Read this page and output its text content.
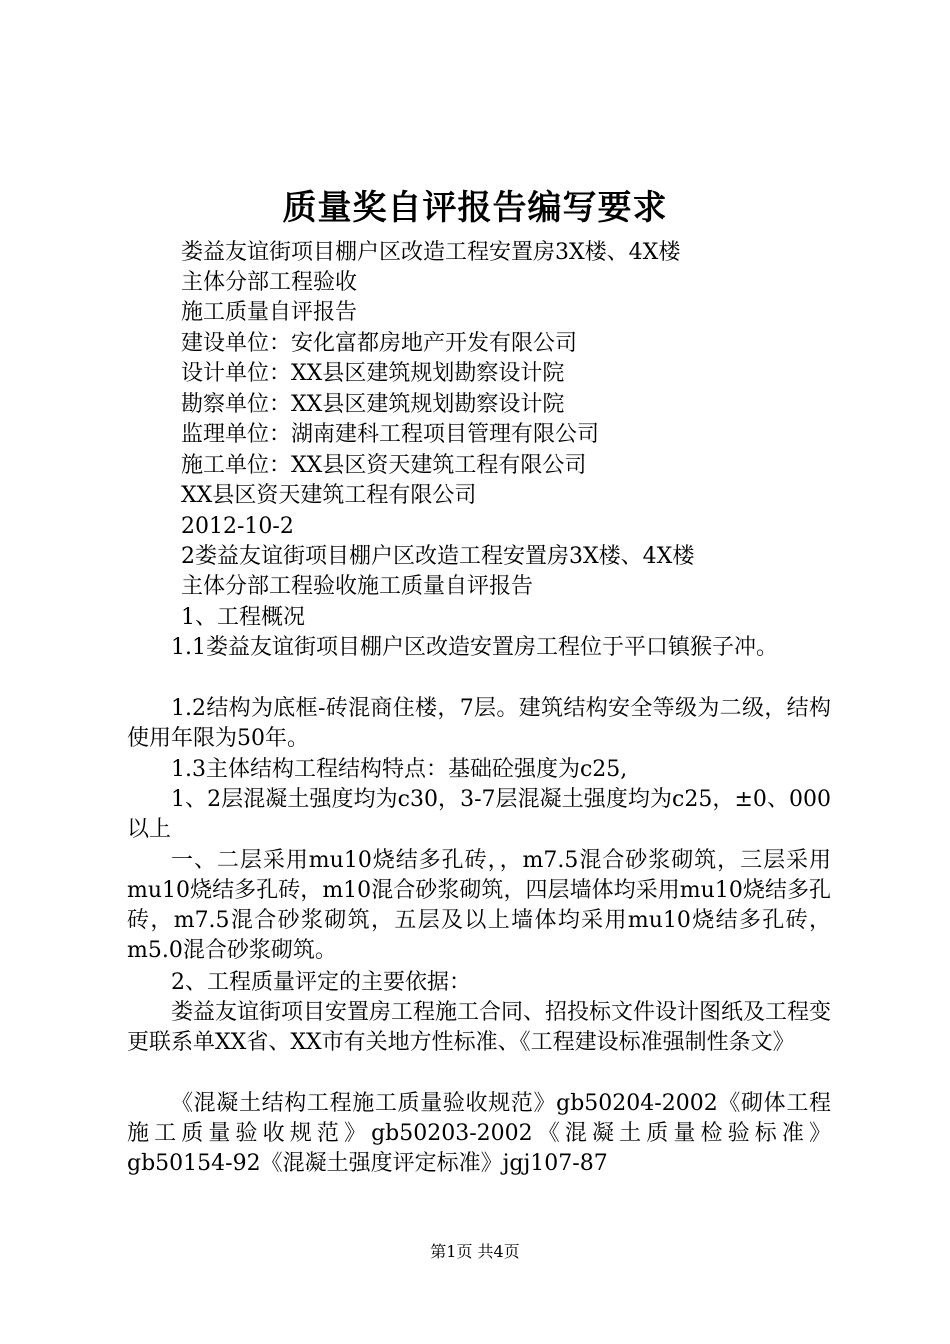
质量奖自评报告编写要求
娄益友谊街项目棚户区改造工程安置房3X楼、4X楼
主体分部工程验收
施工质量自评报告
建设单位：安化富都房地产开发有限公司
设计单位：XX县区建筑规划勘察设计院
勘察单位：XX县区建筑规划勘察设计院
监理单位：湖南建科工程项目管理有限公司
施工单位：XX县区资天建筑工程有限公司
XX县区资天建筑工程有限公司
2012-10-2
2娄益友谊街项目棚户区改造工程安置房3X楼、4X楼
主体分部工程验收施工质量自评报告
1、工程概况
1.1娄益友谊街项目棚户区改造安置房工程位于平口镇猴子冲。
1.2结构为底框-砖混商住楼，7层。建筑结构安全等级为二级，结构使用年限为50年。
1.3主体结构工程结构特点：基础砼强度为c25,
1、2层混凝土强度均为c30，3-7层混凝土强度均为c25，±0、000以上
一、二层采用mu10烧结多孔砖，，m7.5混合砂浆砌筑，三层采用mu10烧结多孔砖，m10混合砂浆砌筑，四层墙体均采用mu10烧结多孔砖，m7.5混合砂浆砌筑，五层及以上墙体均采用mu10烧结多孔砖，m5.0混合砂浆砌筑。
2、工程质量评定的主要依据：
娄益友谊街项目安置房工程施工合同、招投标文件设计图纸及工程变更联系单XX省、XX市有关地方性标准、《工程建设标准强制性条文》
《混凝土结构工程施工质量验收规范》gb50204-2002《砌体工程施工质量验收规范》gb50203-2002《混凝土质量检验标准》gb50154-92《混凝土强度评定标准》jgj107-87
第1页 共4页
